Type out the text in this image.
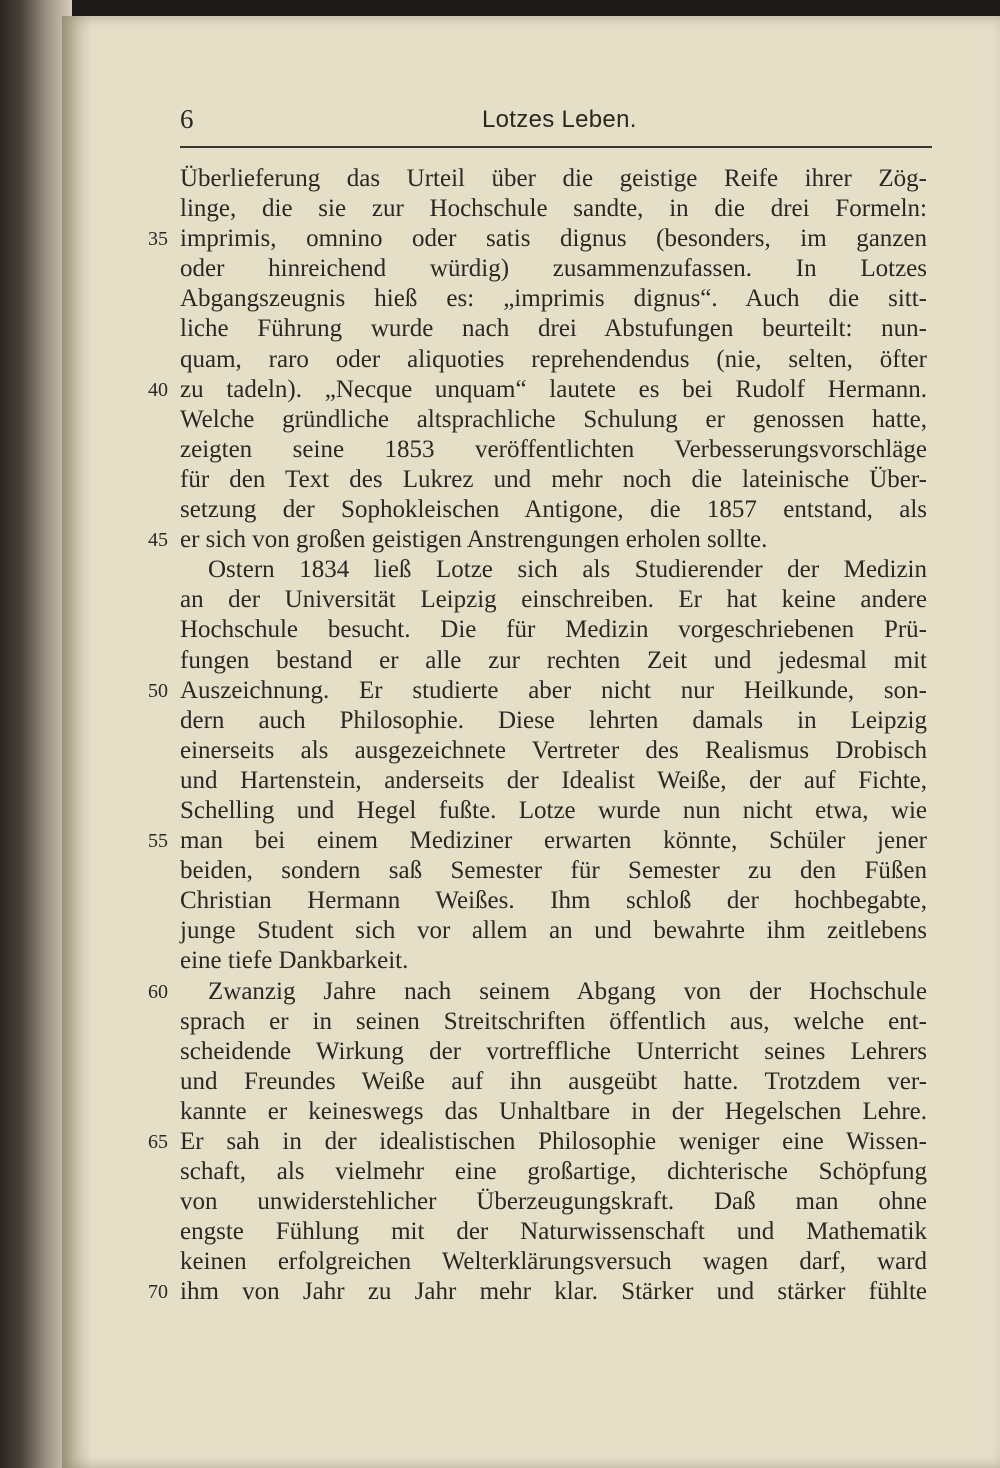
6	Lotzes Leben.
Überlieferung das Urteil über die geistige Reife ihrer Zög-
linge, die sie zur Hochschule sandte, in die drei Formeln:
35 imprimis, omnino oder satis dignus (besonders, im ganzen
oder hinreichend würdig) zusammenzufassen. In Lotzes
Abgangszeugnis hieß es: „imprimis dignus“. Auch die sitt-
liche Führung wurde nach drei Abstufungen beurteilt: nun-
quam, raro oder aliquoties reprehendendus (nie, selten, öfter
40 zu tadeln). „Necque unquam“ lautete es bei Rudolf Hermann.
Welche gründliche altsprachliche Schulung er genossen hatte,
zeigten seine 1853 veröffentlichten Verbesserungsvorschläge
für den Text des Lukrez und mehr noch die lateinische Über-
setzung der Sophokleischen Antigone, die 1857 entstand, als
45 er sich von großen geistigen Anstrengungen erholen sollte.
Ostern 1834 ließ Lotze sich als Studierender der Medizin
an der Universität Leipzig einschreiben. Er hat keine andere
Hochschule besucht. Die für Medizin vorgeschriebenen Prü-
fungen bestand er alle zur rechten Zeit und jedesmal mit
50 Auszeichnung. Er studierte aber nicht nur Heilkunde, son-
dern auch Philosophie. Diese lehrten damals in Leipzig
einerseits als ausgezeichnete Vertreter des Realismus Drobisch
und Hartenstein, anderseits der Idealist Weiße, der auf Fichte,
Schelling und Hegel fußte. Lotze wurde nun nicht etwa, wie
55 man bei einem Mediziner erwarten könnte, Schüler jener
beiden, sondern saß Semester für Semester zu den Füßen
Christian Hermann Weißes. Ihm schloß der hochbegabte,
junge Student sich vor allem an und bewahrte ihm zeitlebens
eine tiefe Dankbarkeit.
60	Zwanzig Jahre nach seinem Abgang von der Hochschule
sprach er in seinen Streitschriften öffentlich aus, welche ent-
scheidende Wirkung der vortreffliche Unterricht seines Lehrers
und Freundes Weiße auf ihn ausgeübt hatte. Trotzdem ver-
kannte er keineswegs das Unhaltbare in der Hegelschen Lehre.
65 Er sah in der idealistischen Philosophie weniger eine Wissen-
schaft, als vielmehr eine großartige, dichterische Schöpfung
von unwiderstehlicher Überzeugungskraft. Daß man ohne
engste Fühlung mit der Naturwissenschaft und Mathematik
keinen erfolgreichen Welterklärungsversuch wagen darf, ward
70 ihm von Jahr zu Jahr mehr klar. Stärker und stärker fühlte
